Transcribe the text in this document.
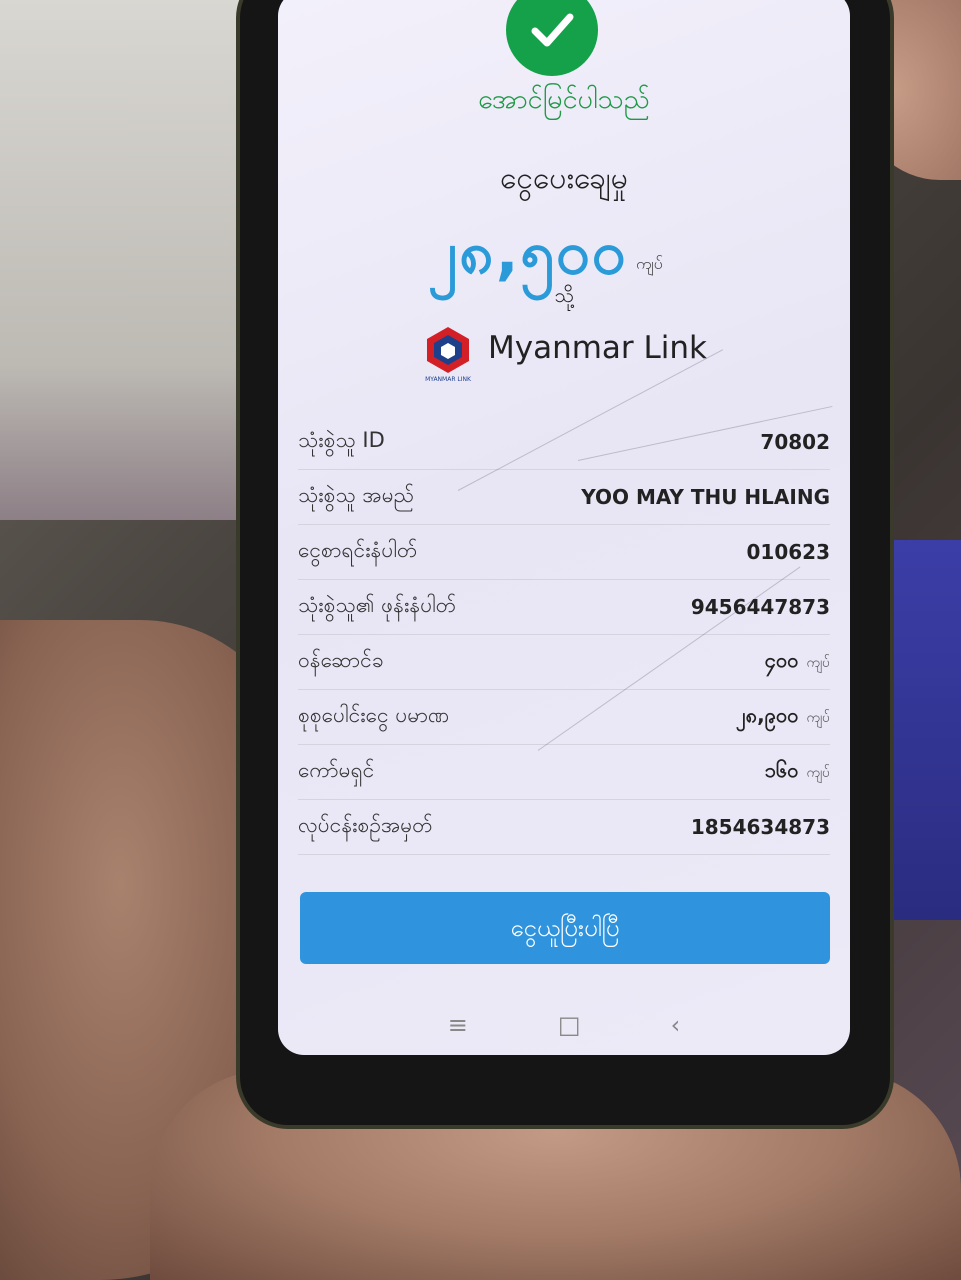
အောင်မြင်ပါသည်
ငွေပေးချေမှု
၂၈,၅၀၀ ကျပ်
သို့
MYANMAR LINK
Myanmar Link
သုံးစွဲသူ ID	70802
သုံးစွဲသူ အမည်	YOO MAY THU HLAING
ငွေစာရင်းနံပါတ်	010623
သုံးစွဲသူ၏ ဖုန်းနံပါတ်	9456447873
ဝန်ဆောင်ခ	၄၀၀ ကျပ်
စုစုပေါင်းငွေ ပမာဏ	၂၈,၉၀၀ ကျပ်
ကော်မရှင်	၁၆၀ ကျပ်
လုပ်ငန်းစဉ်အမှတ်	1854634873
ငွေယူပြီးပါပြီ
≡	□	‹
